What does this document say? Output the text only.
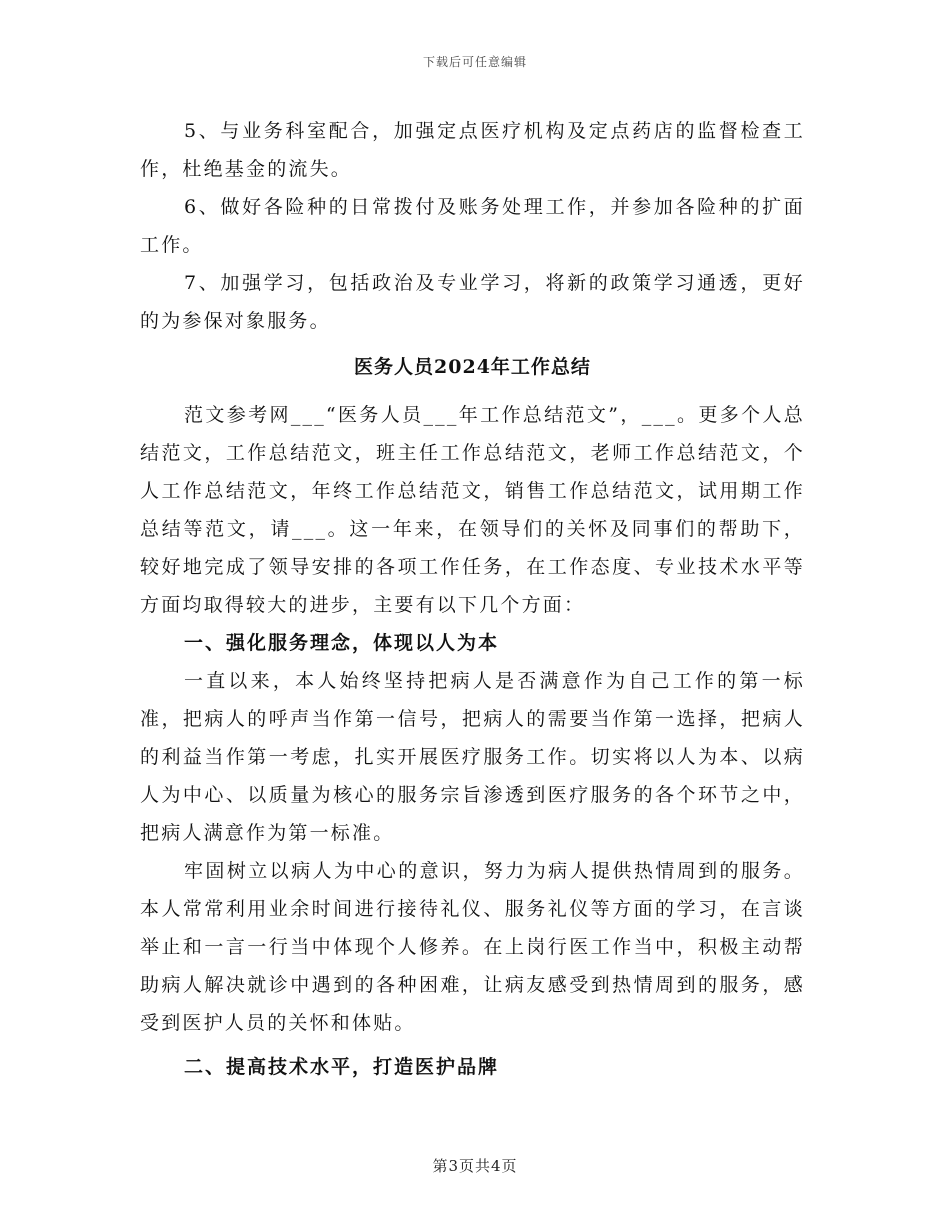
下载后可任意编辑

5、与业务科室配合，加强定点医疗机构及定点药店的监督检查工作，杜绝基金的流失。

6、做好各险种的日常拨付及账务处理工作，并参加各险种的扩面工作。

7、加强学习，包括政治及专业学习，将新的政策学习通透，更好的为参保对象服务。

医务人员2024年工作总结

范文参考网___“医务人员___年工作总结范文”，___。更多个人总结范文，工作总结范文，班主任工作总结范文，老师工作总结范文，个人工作总结范文，年终工作总结范文，销售工作总结范文，试用期工作总结等范文，请___。这一年来，在领导们的关怀及同事们的帮助下，较好地完成了领导安排的各项工作任务，在工作态度、专业技术水平等方面均取得较大的进步，主要有以下几个方面：

一、强化服务理念，体现以人为本

一直以来，本人始终坚持把病人是否满意作为自己工作的第一标准，把病人的呼声当作第一信号，把病人的需要当作第一选择，把病人的利益当作第一考虑，扎实开展医疗服务工作。切实将以人为本、以病人为中心、以质量为核心的服务宗旨渗透到医疗服务的各个环节之中，把病人满意作为第一标准。

牢固树立以病人为中心的意识，努力为病人提供热情周到的服务。本人常常利用业余时间进行接待礼仪、服务礼仪等方面的学习，在言谈举止和一言一行当中体现个人修养。在上岗行医工作当中，积极主动帮助病人解决就诊中遇到的各种困难，让病友感受到热情周到的服务，感受到医护人员的关怀和体贴。

二、提高技术水平，打造医护品牌

第3页共4页
